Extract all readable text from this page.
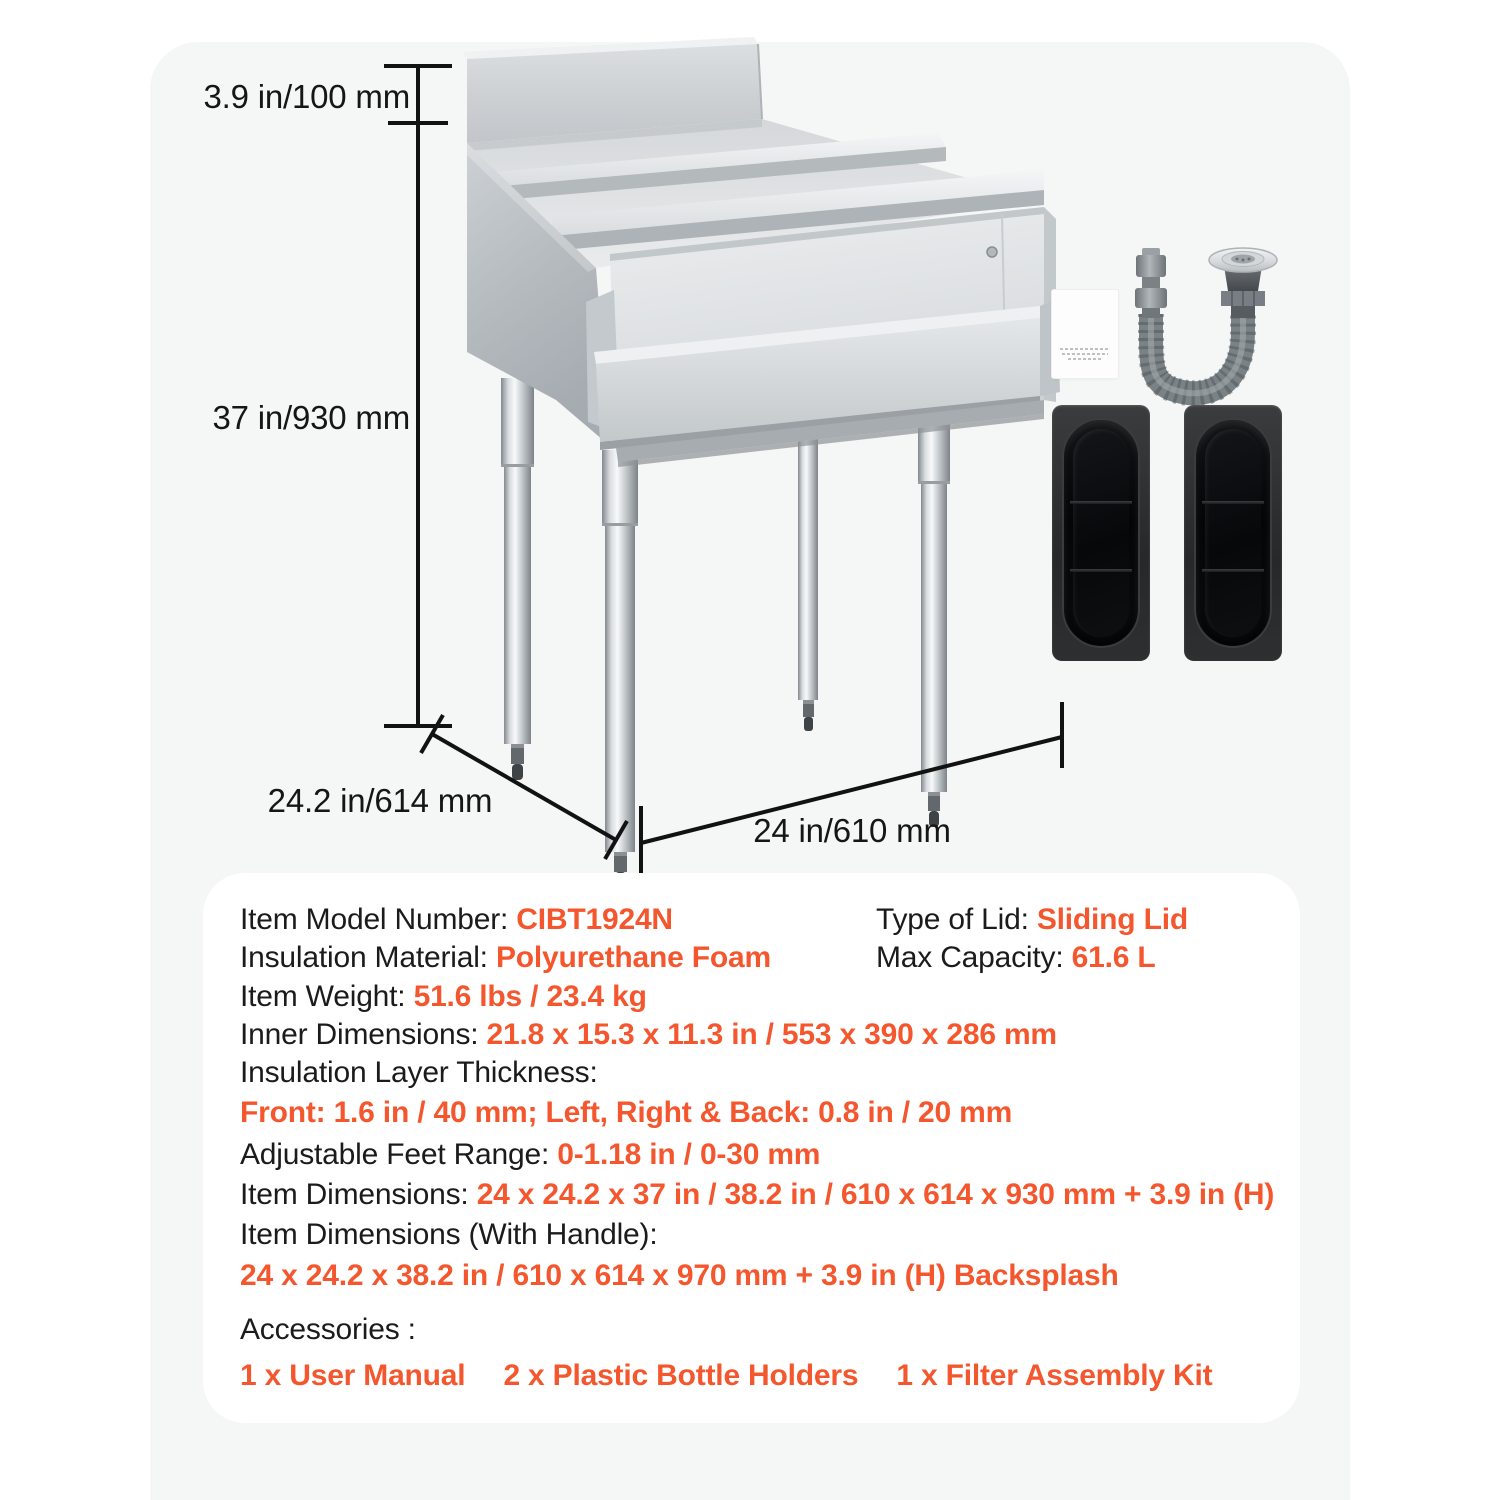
3.9 in/100 mm
37 in/930 mm
24.2 in/614 mm
24 in/610 mm
Item Model Number: CIBT1924N
Insulation Material: Polyurethane Foam
Item Weight: 51.6 lbs / 23.4 kg
Inner Dimensions: 21.8 x 15.3 x 11.3 in / 553 x 390 x 286 mm
Insulation Layer Thickness:
Front: 1.6 in / 40 mm; Left, Right & Back: 0.8 in / 20 mm
Adjustable Feet Range: 0-1.18 in / 0-30 mm
Item Dimensions: 24 x 24.2 x 37 in / 38.2 in / 610 x 614 x 930 mm + 3.9 in (H)
Item Dimensions (With Handle):
24 x 24.2 x 38.2 in / 610 x 614 x 970 mm + 3.9 in (H) Backsplash
Type of Lid: Sliding Lid
Max Capacity: 61.6 L
Accessories :
1 x User Manual 2 x Plastic Bottle Holders 1 x Filter Assembly Kit
